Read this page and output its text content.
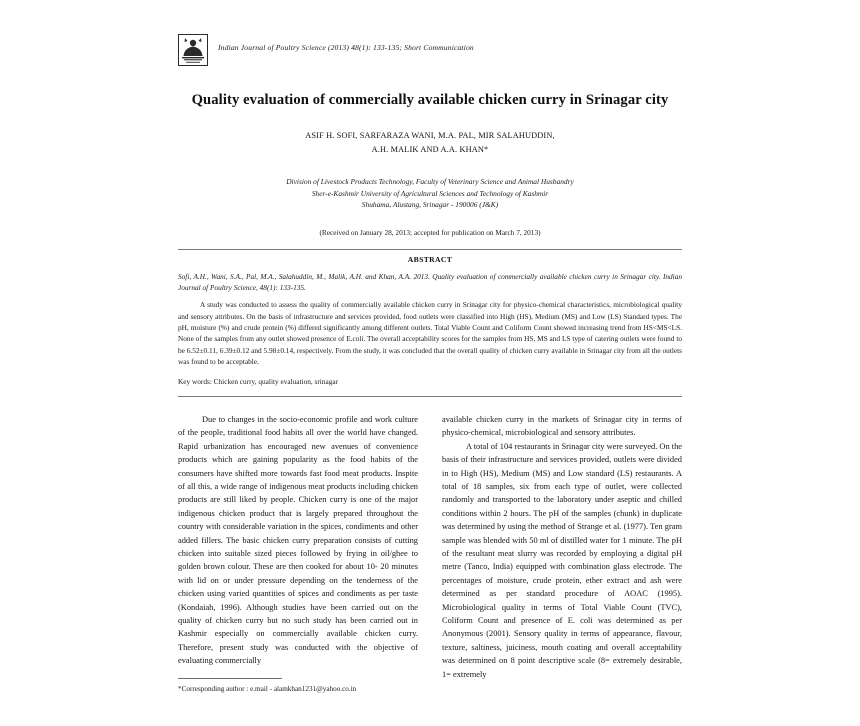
Indian Journal of Poultry Science (2013) 48(1): 133-135; Short Communication
Quality evaluation of commercially available chicken curry in Srinagar city
ASIF H. SOFI, SARFARAZA WANI, M.A. PAL, MIR SALAHUDDIN,
A.H. MALIK AND A.A. KHAN*
Division of Livestock Products Technology, Faculty of Veterinary Science and Animal Husbandry
Sher-e-Kashmir University of Agricultural Sciences and Technology of Kashmir
Shuhama, Alustang, Srinagar - 190006 (J&K)
(Received on January 28, 2013; accepted for publication on March 7, 2013)
ABSTRACT
Sofi, A.H., Wani, S.A., Pal, M.A., Salahuddin, M., Malik, A.H. and Khan, A.A. 2013. Quality evaluation of commercially available chicken curry in Srinagar city. Indian Journal of Poultry Science, 48(1): 133-135.
A study was conducted to assess the quality of commercially available chicken curry in Srinagar city for physico-chemical characteristics, microbiological quality and sensory attributes. On the basis of infrastructure and services provided, food outlets were classified into High (HS), Medium (MS) and Low (LS) Standard types. The pH, moisture (%) and crude protein (%) differed significantly among different outlets. Total Viable Count and Coliform Count showed increasing trend from HS<MS<LS. None of the samples from any outlet showed presence of E.coli. The overall acceptability scores for the samples from HS, MS and LS type of catering outlets were found to be 6.52±0.11, 6.39±0.12 and 5.98±0.14, respectively. From the study, it was concluded that the overall quality of chicken curry available in Srinagar city from all the outlets was found to be acceptable.
Key words: Chicken curry, quality evaluation, srinagar

Due to changes in the socio-economic profile and work culture of the people, traditional food habits all over the world have changed. Rapid urbanization has encouraged new avenues of convenience products which are gaining popularity as the food habits of the consumers have shifted more towards fast food meat products. Inspite of all this, a wide range of indigenous meat products including chicken products are still liked by people. Chicken curry is one of the major indigenous chicken product that is largely prepared throughout the country with considerable variation in the spices, condiments and other added fillers. The basic chicken curry preparation consists of cutting chicken into suitable sized pieces followed by frying in oil/ghee to golden brown colour. These are then cooked for about 10- 20 minutes with lid on or under pressure depending on the tenderness of the chicken using varied quantities of spices and condiments as per taste (Kondaiah, 1996). Although studies have been carried out on the quality of chicken curry but no such study has been carried out in Kashmir especially on commercially available chicken curry. Therefore, present study was conducted with the objective of evaluating commercially

*Corresponding author : e.mail - alamkhan1231@yahoo.co.in

available chicken curry in the markets of Srinagar city in terms of physico-chemical, microbiological and sensory attributes.

A total of 104 restaurants in Srinagar city were surveyed. On the basis of their infrastructure and services provided, outlets were divided in to High (HS), Medium (MS) and Low standard (LS) restaurants. A total of 18 samples, six from each type of outlet, were collected randomly and transported to the laboratory under aseptic and chilled conditions within 2 hours. The pH of the samples (chunk) in duplicate was determined by using the method of Strange et al. (1977). Ten gram sample was blended with 50 ml of distilled water for 1 minute. The pH of the resultant meat slurry was recorded by employing a digital pH metre (Tanco, India) equipped with combination glass electrode. The percentages of moisture, crude protein, ether extract and ash were determined as per standard procedure of AOAC (1995). Microbiological quality in terms of Total Viable Count (TVC), Coliform Count and presence of E. coli was determined as per Anonymous (2001). Sensory quality in terms of appearance, flavour, texture, saltiness, juiciness, mouth coating and overall acceptability was determined on 8 point descriptive scale (8= extremely desirable, 1= extremely
